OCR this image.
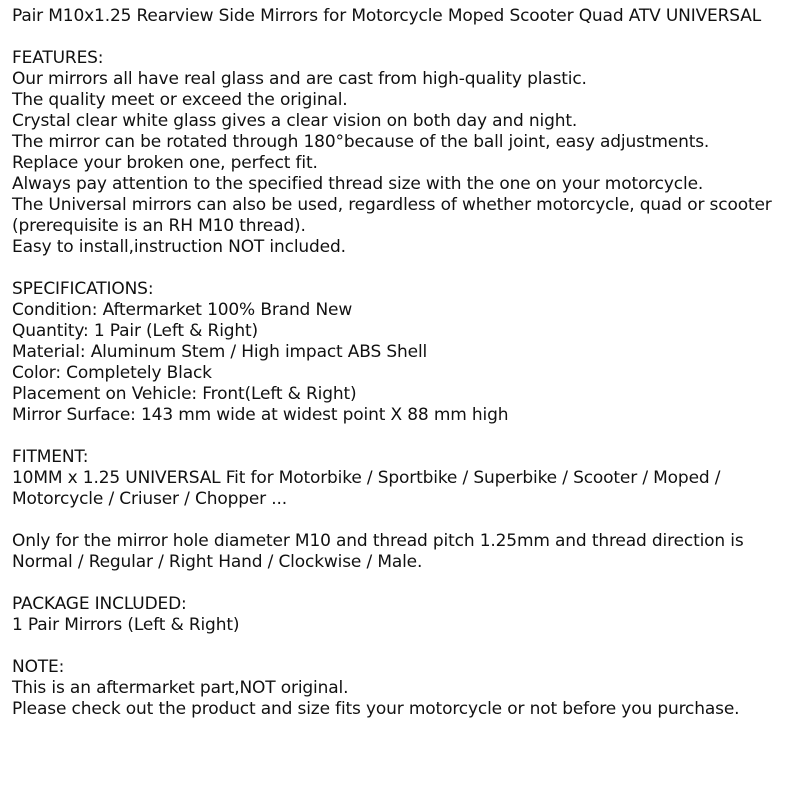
Pair M10x1.25 Rearview Side Mirrors for Motorcycle Moped Scooter Quad ATV UNIVERSAL
FEATURES:
Our mirrors all have real glass and are cast from high-quality plastic.
The quality meet or exceed the original.
Crystal clear white glass gives a clear vision on both day and night.
The mirror can be rotated through 180°because of the ball joint, easy adjustments.
Replace your broken one, perfect fit.
Always pay attention to the specified thread size with the one on your motorcycle.
The Universal mirrors can also be used, regardless of whether motorcycle, quad or scooter
(prerequisite is an RH M10 thread).
Easy to install,instruction NOT included.
SPECIFICATIONS:
Condition: Aftermarket 100% Brand New
Quantity: 1 Pair (Left & Right)
Material: Aluminum Stem / High impact ABS Shell
Color: Completely Black
Placement on Vehicle: Front(Left & Right)
Mirror Surface: 143 mm wide at widest point X 88 mm high
FITMENT:
10MM x 1.25 UNIVERSAL Fit for Motorbike / Sportbike / Superbike / Scooter / Moped /
Motorcycle / Criuser / Chopper ...
Only for the mirror hole diameter M10 and thread pitch 1.25mm and thread direction is
Normal / Regular / Right Hand / Clockwise / Male.
PACKAGE INCLUDED:
1 Pair Mirrors (Left & Right)
NOTE:
This is an aftermarket part,NOT original.
Please check out the product and size fits your motorcycle or not before you purchase.
